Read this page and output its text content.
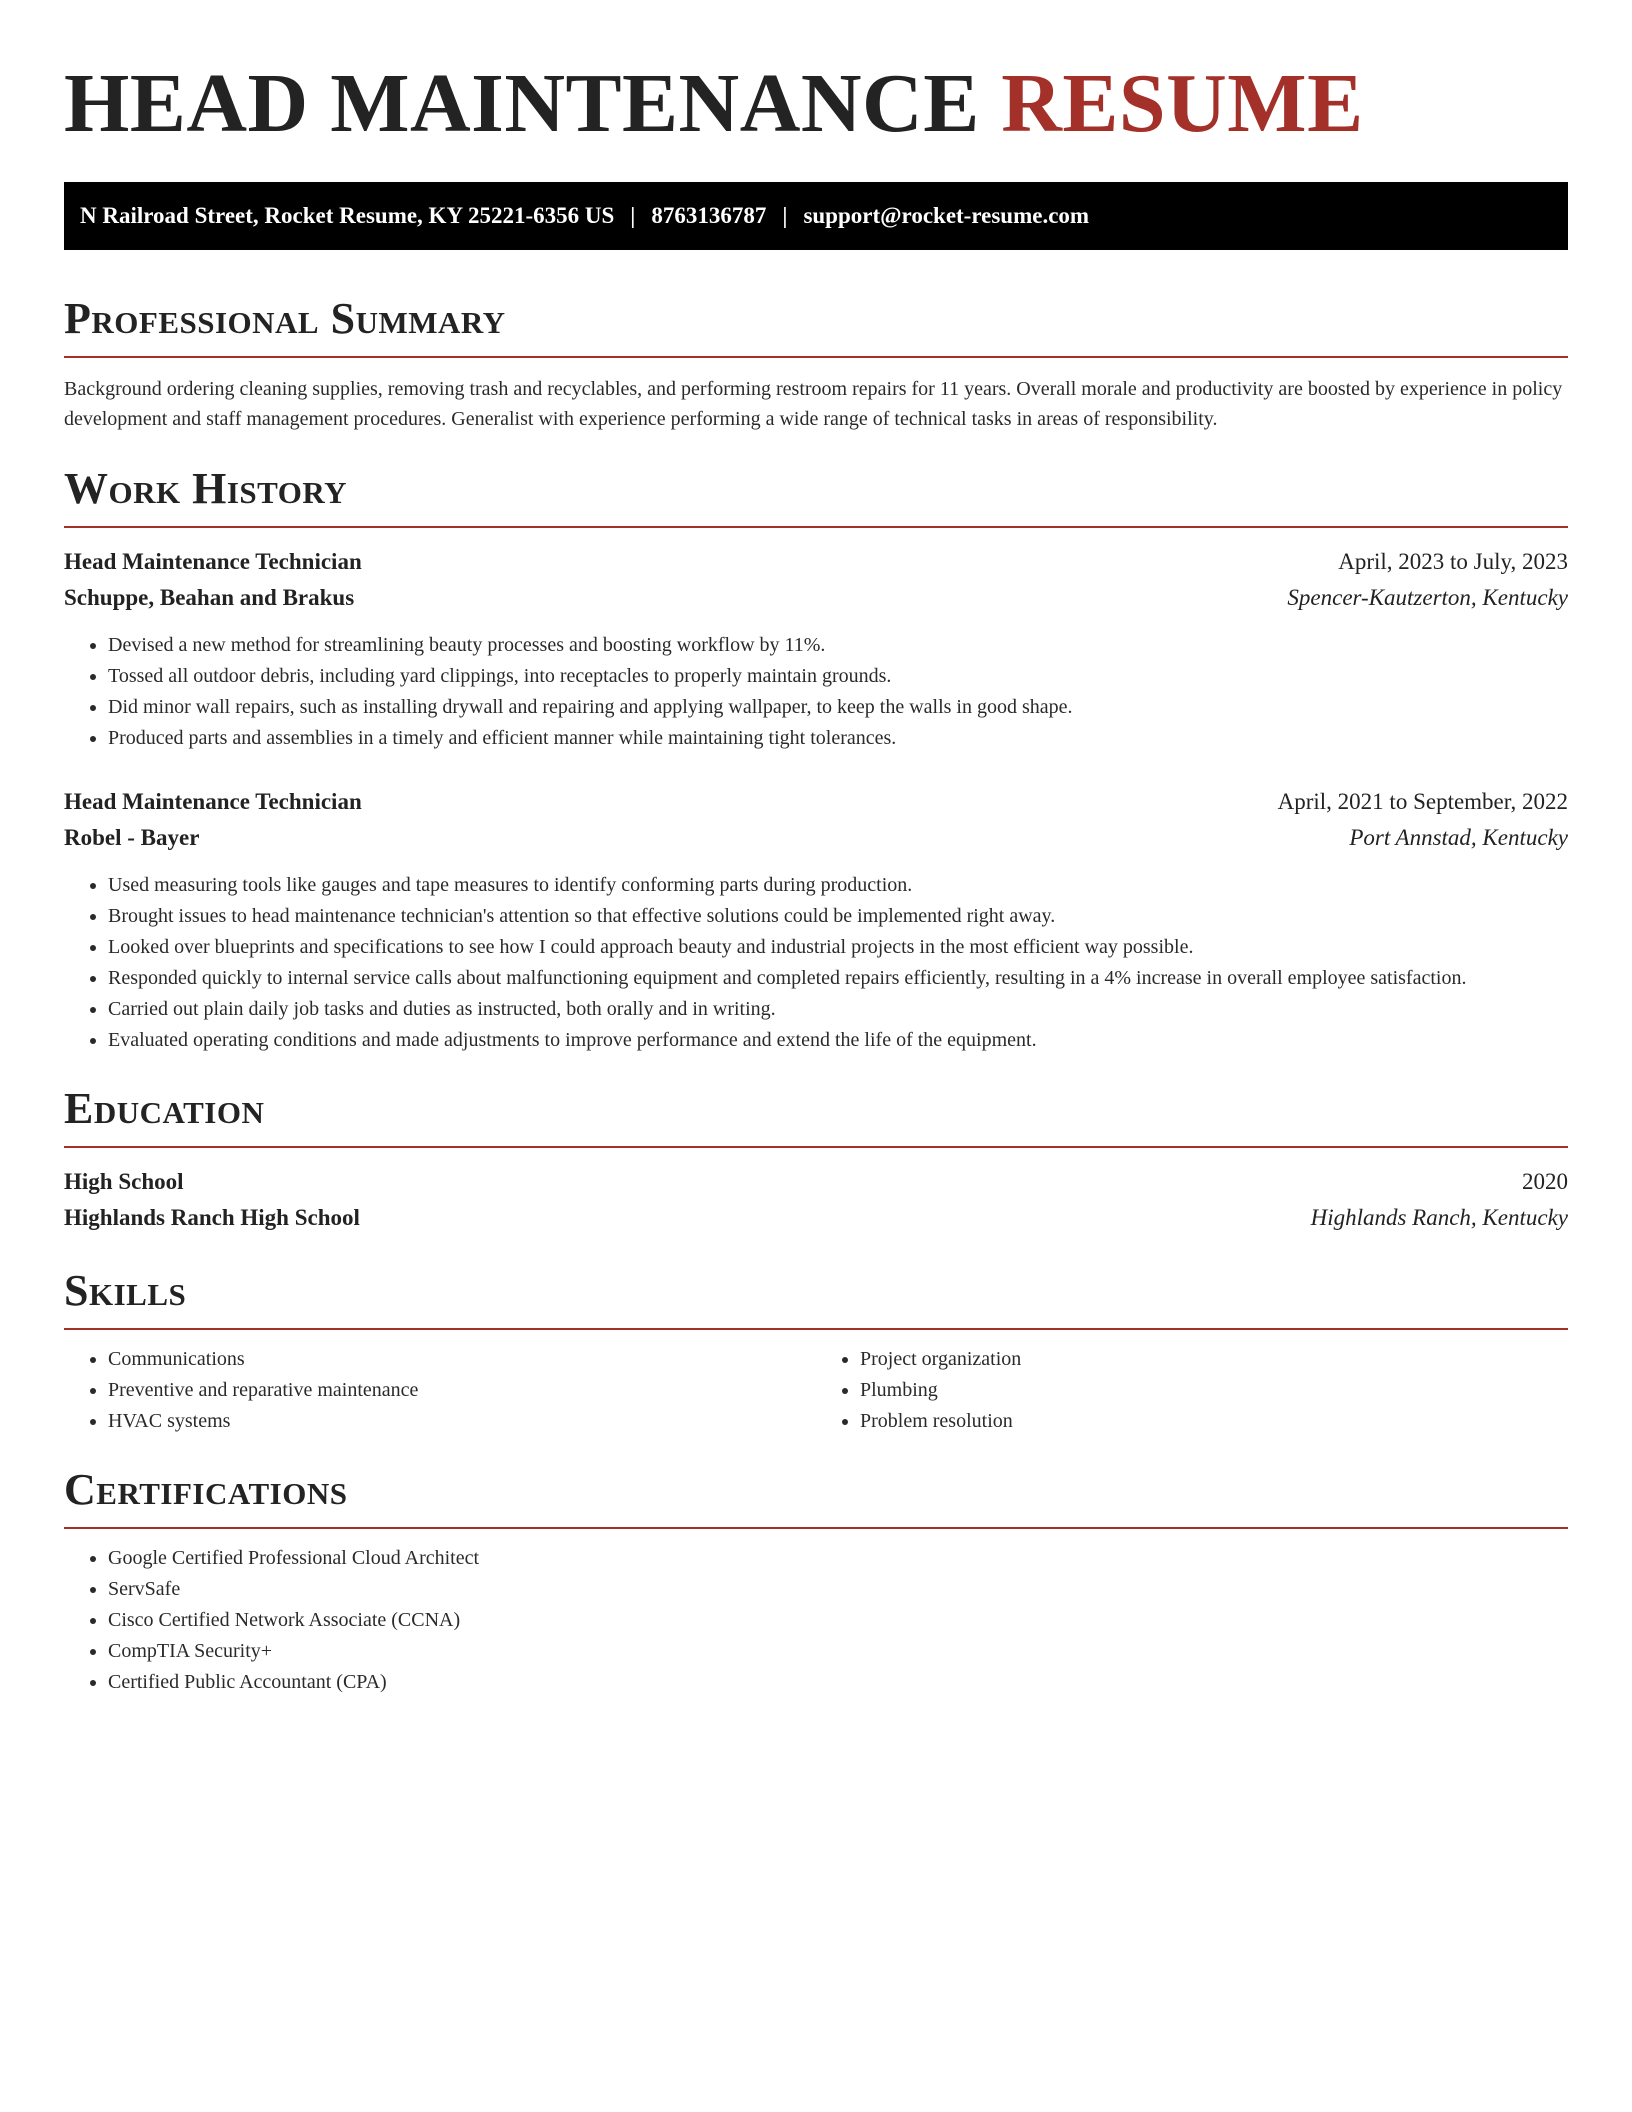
HEAD MAINTENANCE RESUME
N Railroad Street, Rocket Resume, KY 25221-6356 US | 8763136787 | support@rocket-resume.com
Professional Summary

Background ordering cleaning supplies, removing trash and recyclables, and performing restroom repairs for 11 years. Overall morale and productivity are boosted by experience in policy development and staff management procedures. Generalist with experience performing a wide range of technical tasks in areas of responsibility.

Work History
Head Maintenance Technician	April, 2023 to July, 2023
Schuppe, Beahan and Brakus	Spencer-Kautzerton, Kentucky
• Devised a new method for streamlining beauty processes and boosting workflow by 11%.
• Tossed all outdoor debris, including yard clippings, into receptacles to properly maintain grounds.
• Did minor wall repairs, such as installing drywall and repairing and applying wallpaper, to keep the walls in good shape.
• Produced parts and assemblies in a timely and efficient manner while maintaining tight tolerances.
Head Maintenance Technician	April, 2021 to September, 2022
Robel - Bayer	Port Annstad, Kentucky
• Used measuring tools like gauges and tape measures to identify conforming parts during production.
• Brought issues to head maintenance technician's attention so that effective solutions could be implemented right away.
• Looked over blueprints and specifications to see how I could approach beauty and industrial projects in the most efficient way possible.
• Responded quickly to internal service calls about malfunctioning equipment and completed repairs efficiently, resulting in a 4% increase in overall employee satisfaction.
• Carried out plain daily job tasks and duties as instructed, both orally and in writing.
• Evaluated operating conditions and made adjustments to improve performance and extend the life of the equipment.
Education
High School	2020
Highlands Ranch High School	Highlands Ranch, Kentucky
Skills
• Communications
• Preventive and reparative maintenance
• HVAC systems
• Project organization
• Plumbing
• Problem resolution
Certifications
• Google Certified Professional Cloud Architect
• ServSafe
• Cisco Certified Network Associate (CCNA)
• CompTIA Security+
• Certified Public Accountant (CPA)
